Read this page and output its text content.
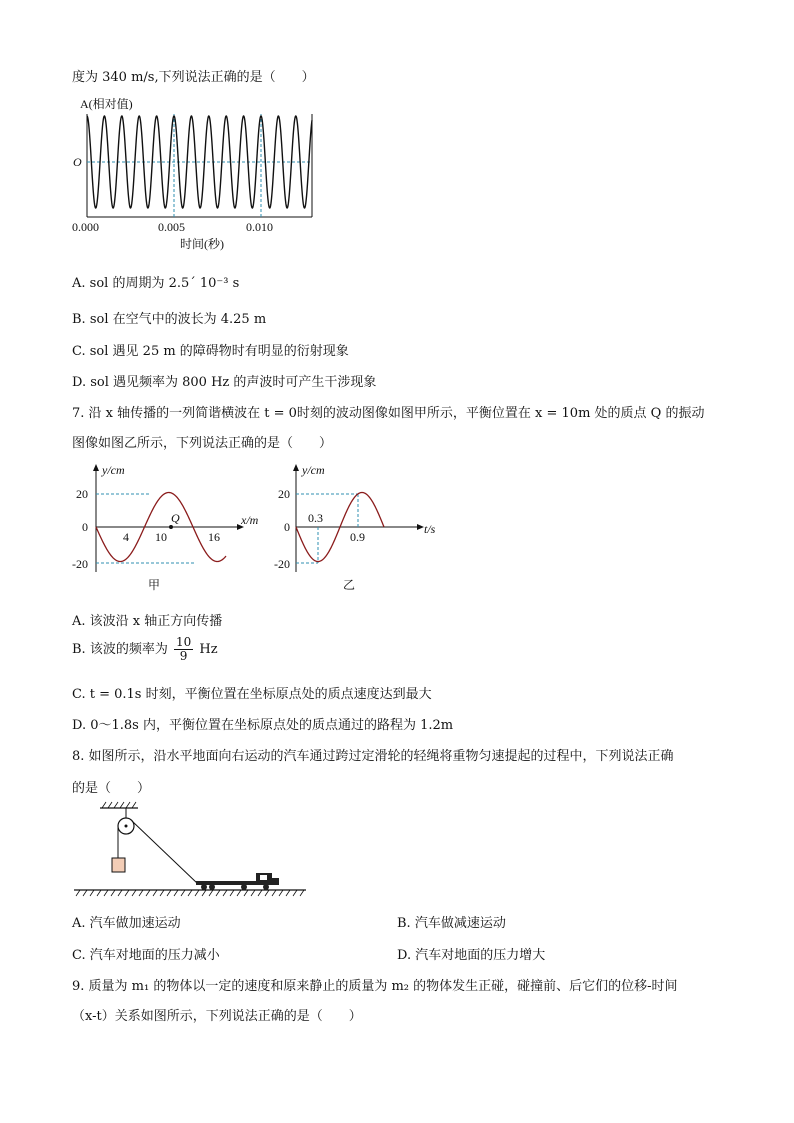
度为 340 m/s,下列说法正确的是（　　）
A(相对值)
O
0.000	0.005	0.010
时间(秒)
A. sol 的周期为 2.5´ 10⁻³ s
B. sol 在空气中的波长为 4.25 m
C. sol 遇见 25 m 的障碍物时有明显的衍射现象
D. sol 遇见频率为 800 Hz 的声波时可产生干涉现象
7. 沿 x 轴传播的一列简谐横波在 t = 0时刻的波动图像如图甲所示，平衡位置在 x = 10m 处的质点 Q 的振动
图像如图乙所示，下列说法正确的是（　　）
y/cm
x/m
20
0
-20
4 10	16
Q
甲
y/cm
t/s
20
0
-20
0.3
0.9
乙
A. 该波沿 x 轴正方向传播
B. 该波的频率为 $\frac{10}{9}$ Hz
C. t = 0.1s 时刻，平衡位置在坐标原点处的质点速度达到最大
D. 0～1.8s 内，平衡位置在坐标原点处的质点通过的路程为 1.2m
8. 如图所示，沿水平地面向右运动的汽车通过跨过定滑轮的轻绳将重物匀速提起的过程中，下列说法正确
的是（　　）
A. 汽车做加速运动	B. 汽车做减速运动
C. 汽车对地面的压力减小	D. 汽车对地面的压力增大
9. 质量为 m₁ 的物体以一定的速度和原来静止的质量为 m₂ 的物体发生正碰，碰撞前、后它们的位移-时间
（x-t）关系如图所示，下列说法正确的是（　　）
